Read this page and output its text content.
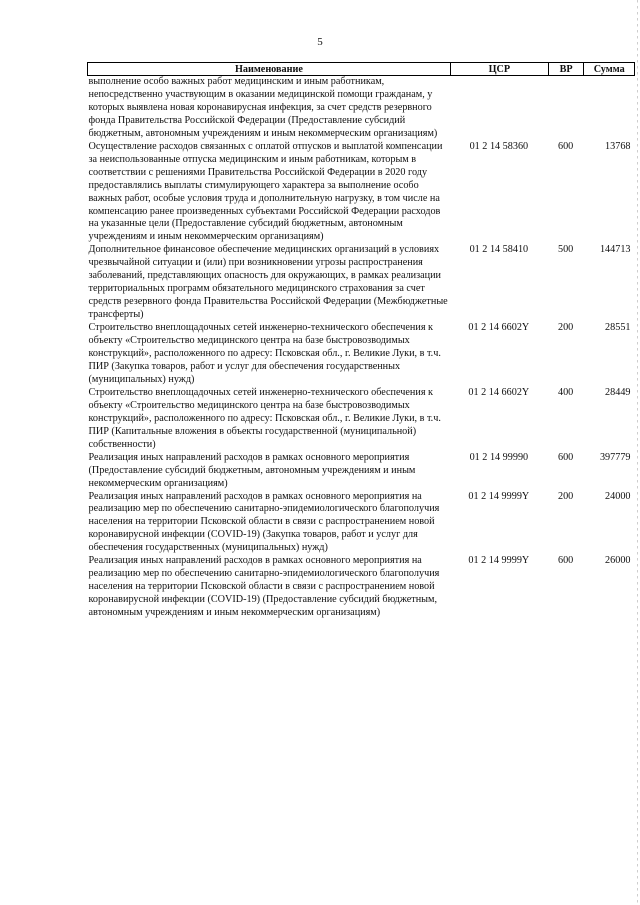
5
Наименование	ЦСР	ВР	Сумма
выполнение особо важных работ медицинским и иным работникам, непосредственно участвующим в оказании медицинской помощи гражданам, у которых выявлена новая коронавирусная инфекция, за счет средств резервного фонда Правительства Российской Федерации (Предоставление субсидий бюджетным, автономным учреждениям и иным некоммерческим организациям)			
Осуществление расходов связанных с оплатой отпусков и выплатой компенсации за неиспользованные отпуска медицинским и иным работникам, которым в соответствии с решениями Правительства Российской Федерации в 2020 году предоставлялись выплаты стимулирующего характера за выполнение особо важных работ, особые условия труда и дополнительную нагрузку, в том числе на компенсацию ранее произведенных субъектами Российской Федерации расходов на указанные цели (Предоставление субсидий бюджетным, автономным учреждениям и иным некоммерческим организациям)	01 2 14 58360	600	13768
Дополнительное финансовое обеспечение медицинских организаций в условиях чрезвычайной ситуации и (или) при возникновении угрозы распространения заболеваний, представляющих опасность для окружающих, в рамках реализации территориальных программ обязательного медицинского страхования за счет средств резервного фонда Правительства Российской Федерации (Межбюджетные трансферты)	01 2 14 58410	500	144713
Строительство внеплощадочных сетей инженерно-технического обеспечения к объекту «Строительство медицинского центра на базе быстровозводимых конструкций», расположенного по адресу: Псковская обл., г. Великие Луки, в т.ч. ПИР (Закупка товаров, работ и услуг для обеспечения государственных (муниципальных) нужд)	01 2 14 6602Y	200	28551
Строительство внеплощадочных сетей инженерно-технического обеспечения к объекту «Строительство медицинского центра на базе быстровозводимых конструкций», расположенного по адресу: Псковская обл., г. Великие Луки, в т.ч. ПИР (Капитальные вложения в объекты государственной (муниципальной) собственности)	01 2 14 6602Y	400	28449
Реализация иных направлений расходов в рамках основного мероприятия (Предоставление субсидий бюджетным, автономным учреждениям и иным некоммерческим организациям)	01 2 14 99990	600	397779
Реализация иных направлений расходов в рамках основного мероприятия на реализацию мер по обеспечению санитарно-эпидемиологического благополучия населения на территории Псковской области в связи с распространением новой коронавирусной инфекции (COVID-19) (Закупка товаров, работ и услуг для обеспечения государственных (муниципальных) нужд)	01 2 14 9999Y	200	24000
Реализация иных направлений расходов в рамках основного мероприятия на реализацию мер по обеспечению санитарно-эпидемиологического благополучия населения на территории Псковской области в связи с распространением новой коронавирусной инфекции (COVID-19) (Предоставление субсидий бюджетным, автономным учреждениям и иным некоммерческим организациям)	01 2 14 9999Y	600	26000
